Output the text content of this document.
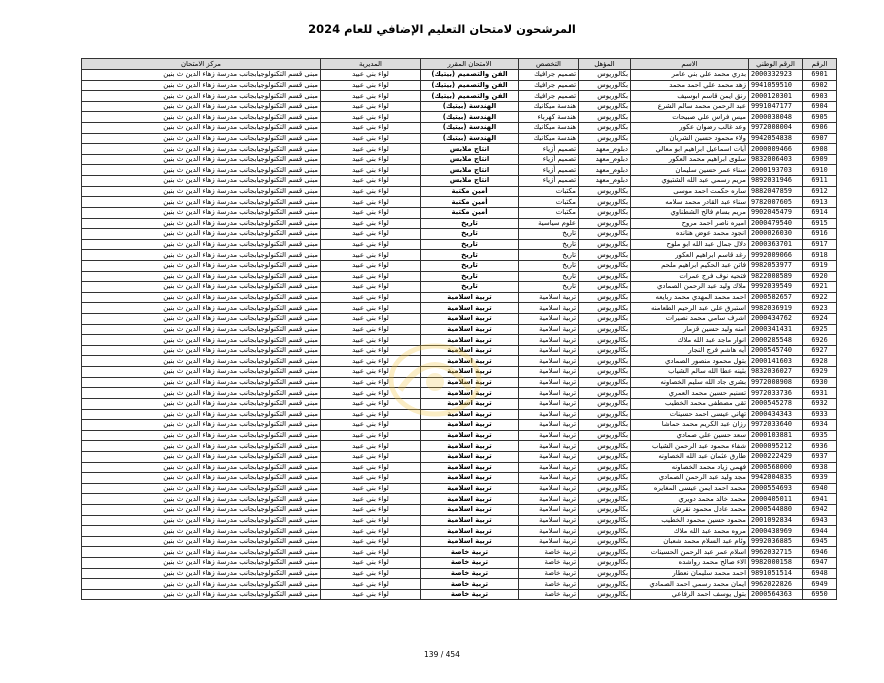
المرشحون لامتحان التعليم الإضافي للعام 2024
الرقم	الرقم الوطني	الاسم	المؤهل	التخصص	الامتحان المقرر	المديرية	مركز الامتحان
6901	2000332923	بدري محمد علي بني عامر	بكالوريوس	تصميم جرافيك	الفن والتصميم (بيتيك)	لواء بني عبيد	مبنى قسم التكنولوجيابجانب مدرسة زهاء الدين ث بنين
6902	9941059510	زهد محمد علي احمد محمد	بكالوريوس	تصميم جرافيك	الفن والتصميم (بيتيك)	لواء بني عبيد	مبنى قسم التكنولوجيابجانب مدرسة زهاء الدين ث بنين
6903	2000120301	رنق ايمن قاسم ابوسيف	بكالوريوس	تصميم جرافيك	الفن والتصميم (بيتيك)	لواء بني عبيد	مبنى قسم التكنولوجيابجانب مدرسة زهاء الدين ث بنين
6904	9991047177	عبد الرحمن محمد سالم الشرع	بكالوريوس	هندسة ميكانيك	الهندسة (بيتيك)	لواء بني عبيد	مبنى قسم التكنولوجيابجانب مدرسة زهاء الدين ث بنين
6905	2000038048	ميس فراس علي صبيحات	بكالوريوس	هندسة كهرباء	الهندسة (بيتيك)	لواء بني عبيد	مبنى قسم التكنولوجيابجانب مدرسة زهاء الدين ث بنين
6906	9972008004	وعد غالب رضوان عكور	بكالوريوس	هندسة ميكانيك	الهندسة (بيتيك)	لواء بني عبيد	مبنى قسم التكنولوجيابجانب مدرسة زهاء الدين ث بنين
6907	9942054838	ولاء محمود حسين الشريان	بكالوريوس	هندسة ميكانيك	الهندسة (بيتيك)	لواء بني عبيد	مبنى قسم التكنولوجيابجانب مدرسة زهاء الدين ث بنين
6908	2000009466	آيات اسماعيل ابراهيم ابو معالي	دبلوم_معهد	تصميم أزياء	انتاج ملابس	لواء بني عبيد	مبنى قسم التكنولوجيابجانب مدرسة زهاء الدين ث بنين
6909	9832006403	سلوى ابراهيم محمد العكور	دبلوم_معهد	تصميم أزياء	انتاج ملابس	لواء بني عبيد	مبنى قسم التكنولوجيابجانب مدرسة زهاء الدين ث بنين
6910	2000193703	سناء عمر حسين سليمان	دبلوم_معهد	تصميم أزياء	انتاج ملابس	لواء بني عبيد	مبنى قسم التكنولوجيابجانب مدرسة زهاء الدين ث بنين
6911	9892031946	مريم رسمي عبد الله الشتيوي	دبلوم_معهد	تصميم أزياء	انتاج ملابس	لواء بني عبيد	مبنى قسم التكنولوجيابجانب مدرسة زهاء الدين ث بنين
6912	9882047859	ساره حكمت احمد موسى	بكالوريوس	مكتبات	أمين مكتبة	لواء بني عبيد	مبنى قسم التكنولوجيابجانب مدرسة زهاء الدين ث بنين
6913	9782007605	سناء عبد القادر محمد سلامه	بكالوريوس	مكتبات	أمين مكتبة	لواء بني عبيد	مبنى قسم التكنولوجيابجانب مدرسة زهاء الدين ث بنين
6914	9902045479	مريم بسام فالح الشطناوي	بكالوريوس	مكتبات	أمين مكتبة	لواء بني عبيد	مبنى قسم التكنولوجيابجانب مدرسة زهاء الدين ث بنين
6915	2000479540	اميره ناصر احمد مروح	بكالوريوس	علوم سياسية	تاريخ	لواء بني عبيد	مبنى قسم التكنولوجيابجانب مدرسة زهاء الدين ث بنين
6916	2000026030	انجود محمد عوض هنانده	بكالوريوس	تاريخ	تاريخ	لواء بني عبيد	مبنى قسم التكنولوجيابجانب مدرسة زهاء الدين ث بنين
6917	2000363701	دلال جمال عبد الله ابو ملوح	بكالوريوس	تاريخ	تاريخ	لواء بني عبيد	مبنى قسم التكنولوجيابجانب مدرسة زهاء الدين ث بنين
6918	9992009066	رغد قاسم ابراهيم العكور	بكالوريوس	تاريخ	تاريخ	لواء بني عبيد	مبنى قسم التكنولوجيابجانب مدرسة زهاء الدين ث بنين
6919	9982053977	فاتن عبد الحكيم ابراهيم ملحم	بكالوريوس	تاريخ	تاريخ	لواء بني عبيد	مبنى قسم التكنولوجيابجانب مدرسة زهاء الدين ث بنين
6920	9822008589	فتحيه نوف فرج عمرات	بكالوريوس	تاريخ	تاريخ	لواء بني عبيد	مبنى قسم التكنولوجيابجانب مدرسة زهاء الدين ث بنين
6921	9992039549	ملاك وليد عبد الرحمن الصمادي	بكالوريوس	تاريخ	تاريخ	لواء بني عبيد	مبنى قسم التكنولوجيابجانب مدرسة زهاء الدين ث بنين
6922	2000582657	احمد محمد المهدي محمد ربايعه	بكالوريوس	تربية اسلامية	تربية اسلامية	لواء بني عبيد	مبنى قسم التكنولوجيابجانب مدرسة زهاء الدين ث بنين
6923	9982036919	استبرق علي عبد الرحيم الطعامنه	بكالوريوس	تربية اسلامية	تربية اسلامية	لواء بني عبيد	مبنى قسم التكنولوجيابجانب مدرسة زهاء الدين ث بنين
6924	2000434762	اشرف سامي محمد نصيرات	بكالوريوس	تربية اسلامية	تربية اسلامية	لواء بني عبيد	مبنى قسم التكنولوجيابجانب مدرسة زهاء الدين ث بنين
6925	2000341431	امنه وليد حسين قزمار	بكالوريوس	تربية اسلامية	تربية اسلامية	لواء بني عبيد	مبنى قسم التكنولوجيابجانب مدرسة زهاء الدين ث بنين
6926	2000285548	انوار ماجد عبد الله ملاك	بكالوريوس	تربية اسلامية	تربية اسلامية	لواء بني عبيد	مبنى قسم التكنولوجيابجانب مدرسة زهاء الدين ث بنين
6927	2000545740	آيه هاشم فرج النجار	بكالوريوس	تربية اسلامية	تربية اسلامية	لواء بني عبيد	مبنى قسم التكنولوجيابجانب مدرسة زهاء الدين ث بنين
6928	2000141603	بتول محمود منصور الصمادي	بكالوريوس	تربية اسلامية	تربية اسلامية	لواء بني عبيد	مبنى قسم التكنولوجيابجانب مدرسة زهاء الدين ث بنين
6929	9832036027	بثينه عطا الله سالم الشياب	بكالوريوس	تربية اسلامية	تربية اسلامية	لواء بني عبيد	مبنى قسم التكنولوجيابجانب مدرسة زهاء الدين ث بنين
6930	9972008908	بشرى جاد الله سليم الخصاونه	بكالوريوس	تربية اسلامية	تربية اسلامية	لواء بني عبيد	مبنى قسم التكنولوجيابجانب مدرسة زهاء الدين ث بنين
6931	9972033736	تسنيم حسين محمد العمري	بكالوريوس	تربية اسلامية	تربية اسلامية	لواء بني عبيد	مبنى قسم التكنولوجيابجانب مدرسة زهاء الدين ث بنين
6932	2000545278	تقى مصطفى محمد الخطيب	بكالوريوس	تربية اسلامية	تربية اسلامية	لواء بني عبيد	مبنى قسم التكنولوجيابجانب مدرسة زهاء الدين ث بنين
6933	2000434343	تهاني عيسى احمد حسينات	بكالوريوس	تربية اسلامية	تربية اسلامية	لواء بني عبيد	مبنى قسم التكنولوجيابجانب مدرسة زهاء الدين ث بنين
6934	9972033640	رزان عبد الكريم محمد حماشا	بكالوريوس	تربية اسلامية	تربية اسلامية	لواء بني عبيد	مبنى قسم التكنولوجيابجانب مدرسة زهاء الدين ث بنين
6935	2000103881	سعد حسين علي صمادي	بكالوريوس	تربية اسلامية	تربية اسلامية	لواء بني عبيد	مبنى قسم التكنولوجيابجانب مدرسة زهاء الدين ث بنين
6936	2000095212	شفاء محمود عبد الرحمن الشياب	بكالوريوس	تربية اسلامية	تربية اسلامية	لواء بني عبيد	مبنى قسم التكنولوجيابجانب مدرسة زهاء الدين ث بنين
6937	2000222429	طارق عثمان عبد الله الخصاونه	بكالوريوس	تربية اسلامية	تربية اسلامية	لواء بني عبيد	مبنى قسم التكنولوجيابجانب مدرسة زهاء الدين ث بنين
6938	2000568000	فهمي زياد محمد الخصاونه	بكالوريوس	تربية اسلامية	تربية اسلامية	لواء بني عبيد	مبنى قسم التكنولوجيابجانب مدرسة زهاء الدين ث بنين
6939	9942004835	مجد وليد عبد الرحمن الصمادي	بكالوريوس	تربية اسلامية	تربية اسلامية	لواء بني عبيد	مبنى قسم التكنولوجيابجانب مدرسة زهاء الدين ث بنين
6940	2000554693	محمد احمد ايمن عيسى المغايره	بكالوريوس	تربية اسلامية	تربية اسلامية	لواء بني عبيد	مبنى قسم التكنولوجيابجانب مدرسة زهاء الدين ث بنين
6941	2000405011	محمد خالد محمد دويري	بكالوريوس	تربية اسلامية	تربية اسلامية	لواء بني عبيد	مبنى قسم التكنولوجيابجانب مدرسة زهاء الدين ث بنين
6942	2000544880	محمد عادل محمود نقرش	بكالوريوس	تربية اسلامية	تربية اسلامية	لواء بني عبيد	مبنى قسم التكنولوجيابجانب مدرسة زهاء الدين ث بنين
6943	2001092834	محمود حسين محمود الخطيب	بكالوريوس	تربية اسلامية	تربية اسلامية	لواء بني عبيد	مبنى قسم التكنولوجيابجانب مدرسة زهاء الدين ث بنين
6944	2000438969	مروه محمد عبد الله ملاك	بكالوريوس	تربية اسلامية	تربية اسلامية	لواء بني عبيد	مبنى قسم التكنولوجيابجانب مدرسة زهاء الدين ث بنين
6945	9992036885	وئام عبد السلام محمد شعبان	بكالوريوس	تربية اسلامية	تربية اسلامية	لواء بني عبيد	مبنى قسم التكنولوجيابجانب مدرسة زهاء الدين ث بنين
6946	9962032715	اسلام عمر عبد الرحمن الحسينات	بكالوريوس	تربية خاصة	تربية خاصة	لواء بني عبيد	مبنى قسم التكنولوجيابجانب مدرسة زهاء الدين ث بنين
6947	9982000158	الاء صالح محمد رواشده	بكالوريوس	تربية خاصة	تربية خاصة	لواء بني عبيد	مبنى قسم التكنولوجيابجانب مدرسة زهاء الدين ث بنين
6948	9891051514	احمد محمد سليمان نعطار	بكالوريوس	تربية خاصة	تربية خاصة	لواء بني عبيد	مبنى قسم التكنولوجيابجانب مدرسة زهاء الدين ث بنين
6949	9962022826	ايمان محمد رسمي احمد الصمادي	بكالوريوس	تربية خاصة	تربية خاصة	لواء بني عبيد	مبنى قسم التكنولوجيابجانب مدرسة زهاء الدين ث بنين
6950	2000564363	بتول يوسف احمد الرفاعي	بكالوريوس	تربية خاصة	تربية خاصة	لواء بني عبيد	مبنى قسم التكنولوجيابجانب مدرسة زهاء الدين ث بنين
139 / 454
